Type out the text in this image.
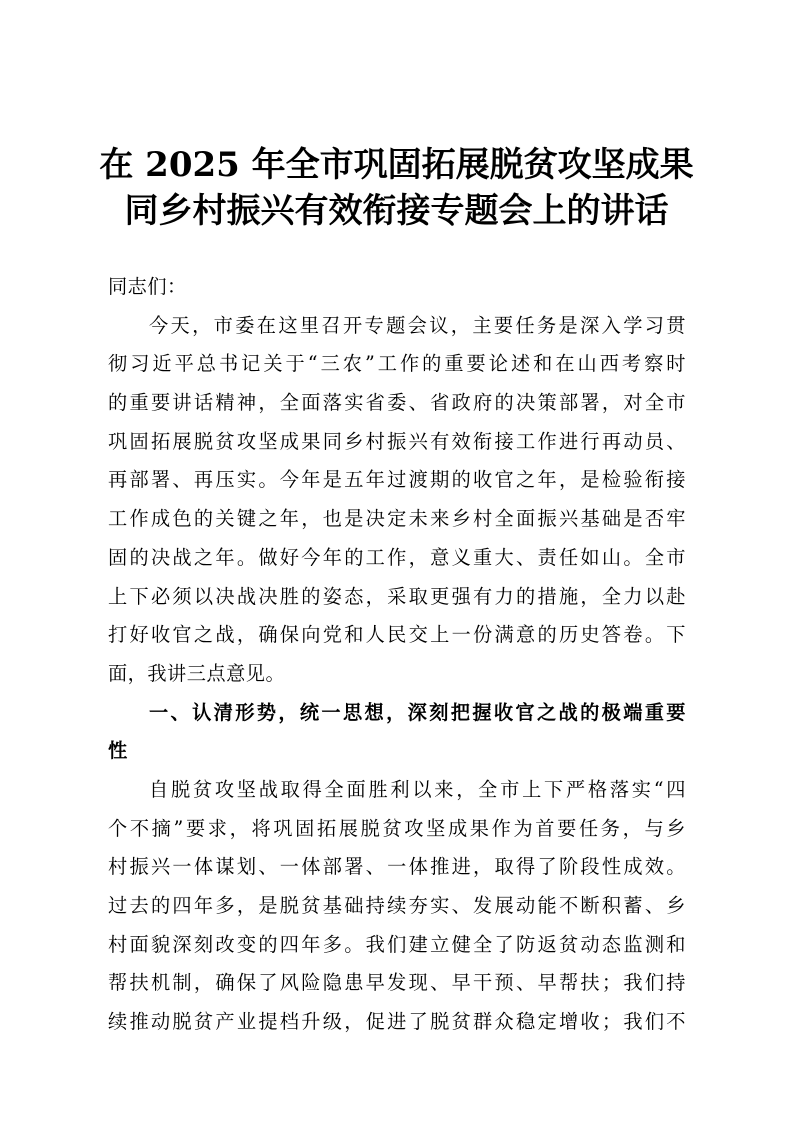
在 2025 年全市巩固拓展脱贫攻坚成果
同乡村振兴有效衔接专题会上的讲话
同志们：
今天，市委在这里召开专题会议，主要任务是深入学习贯
彻习近平总书记关于“三农”工作的重要论述和在山西考察时
的重要讲话精神，全面落实省委、省政府的决策部署，对全市
巩固拓展脱贫攻坚成果同乡村振兴有效衔接工作进行再动员、
再部署、再压实。今年是五年过渡期的收官之年，是检验衔接
工作成色的关键之年，也是决定未来乡村全面振兴基础是否牢
固的决战之年。做好今年的工作，意义重大、责任如山。全市
上下必须以决战决胜的姿态，采取更强有力的措施，全力以赴
打好收官之战，确保向党和人民交上一份满意的历史答卷。下
面，我讲三点意见。
一、认清形势，统一思想，深刻把握收官之战的极端重要
性
自脱贫攻坚战取得全面胜利以来，全市上下严格落实“四
个不摘”要求，将巩固拓展脱贫攻坚成果作为首要任务，与乡
村振兴一体谋划、一体部署、一体推进，取得了阶段性成效。
过去的四年多，是脱贫基础持续夯实、发展动能不断积蓄、乡
村面貌深刻改变的四年多。我们建立健全了防返贫动态监测和
帮扶机制，确保了风险隐患早发现、早干预、早帮扶；我们持
续推动脱贫产业提档升级，促进了脱贫群众稳定增收；我们不
